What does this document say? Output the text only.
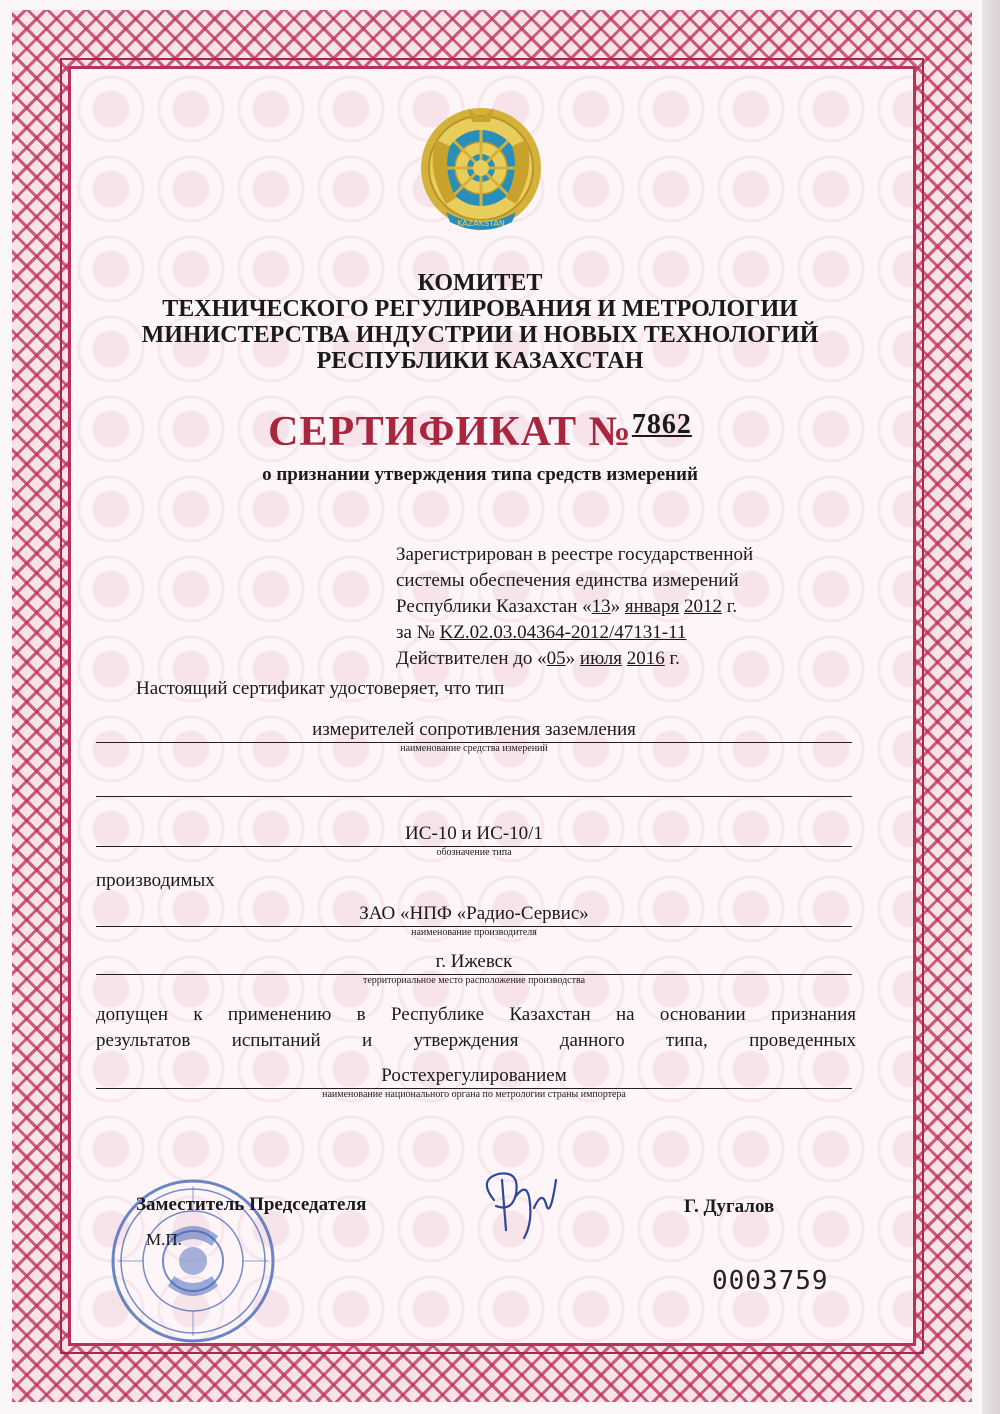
KAZAKSTAN
КОМИТЕТ
ТЕХНИЧЕСКОГО РЕГУЛИРОВАНИЯ И МЕТРОЛОГИИ
МИНИСТЕРСТВА ИНДУСТРИИ И НОВЫХ ТЕХНОЛОГИЙ
РЕСПУБЛИКИ КАЗАХСТАН
СЕРТИФИКАТ №$^{7862}$
о признании утверждения типа средств измерений
Зарегистрирован в реестре государственной
системы обеспечения единства измерений
Республики Казахстан «13» января 2012 г.
за № KZ.02.03.04364-2012/47131-11
Действителен до «05» июля 2016 г.
Настоящий сертификат удостоверяет, что тип
измерителей сопротивления заземления
наименование средства измерений
ИС-10 и ИС-10/1
обозначение типа
производимых
ЗАО «НПФ «Радио-Сервис»
наименование производителя
г. Ижевск
территориальное место расположение производства
допущен к применению в Республике Казахстан на основании признания
результатов испытаний и утверждения данного типа, проведенных
Ростехрегулированием
наименование национального органа по метрологии страны импортера
Заместитель Председателя
М.П.
Г. Дугалов
0003759
